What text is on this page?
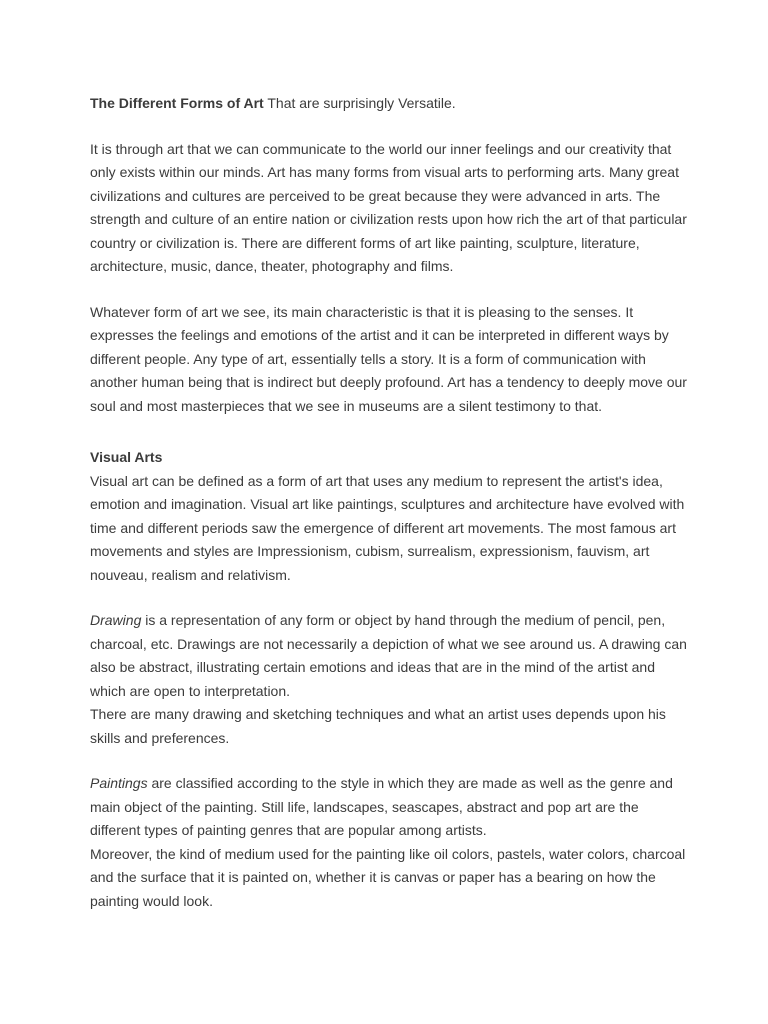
The Different Forms of Art That are surprisingly Versatile.

It is through art that we can communicate to the world our inner feelings and our creativity that only exists within our minds. Art has many forms from visual arts to performing arts. Many great civilizations and cultures are perceived to be great because they were advanced in arts. The strength and culture of an entire nation or civilization rests upon how rich the art of that particular country or civilization is. There are different forms of art like painting, sculpture, literature, architecture, music, dance, theater, photography and films.

Whatever form of art we see, its main characteristic is that it is pleasing to the senses. It expresses the feelings and emotions of the artist and it can be interpreted in different ways by different people. Any type of art, essentially tells a story. It is a form of communication with another human being that is indirect but deeply profound. Art has a tendency to deeply move our soul and most masterpieces that we see in museums are a silent testimony to that.

Visual Arts

Visual art can be defined as a form of art that uses any medium to represent the artist's idea, emotion and imagination. Visual art like paintings, sculptures and architecture have evolved with time and different periods saw the emergence of different art movements. The most famous art movements and styles are Impressionism, cubism, surrealism, expressionism, fauvism, art nouveau, realism and relativism.

Drawing is a representation of any form or object by hand through the medium of pencil, pen, charcoal, etc. Drawings are not necessarily a depiction of what we see around us. A drawing can also be abstract, illustrating certain emotions and ideas that are in the mind of the artist and which are open to interpretation.

There are many drawing and sketching techniques and what an artist uses depends upon his skills and preferences.

Paintings are classified according to the style in which they are made as well as the genre and main object of the painting. Still life, landscapes, seascapes, abstract and pop art are the different types of painting genres that are popular among artists.

Moreover, the kind of medium used for the painting like oil colors, pastels, water colors, charcoal and the surface that it is painted on, whether it is canvas or paper has a bearing on how the painting would look.
